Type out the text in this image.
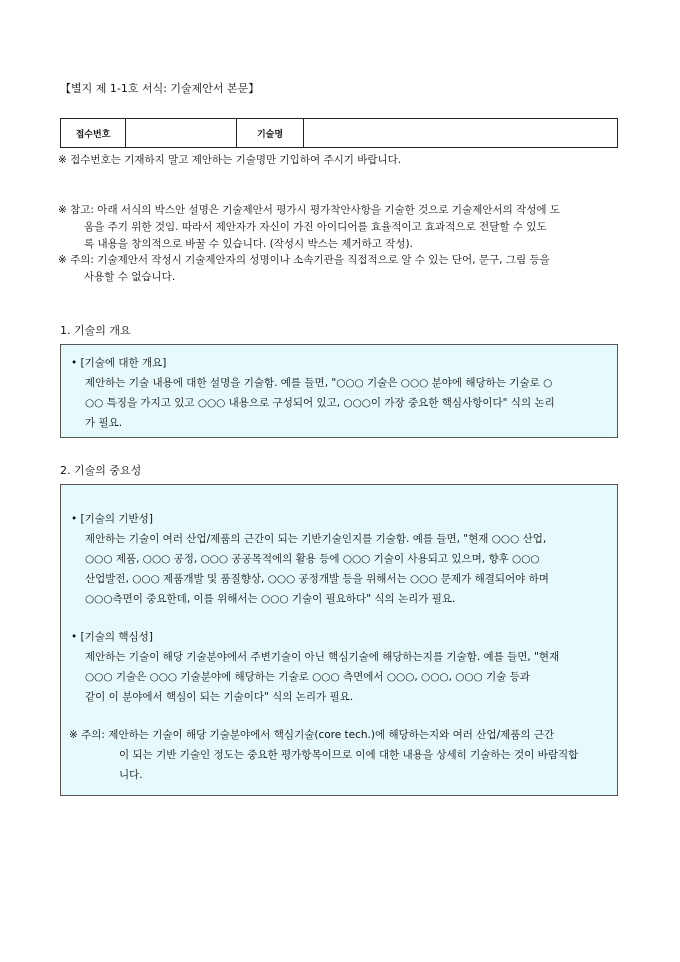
【별지 제 1-1호 서식: 기술제안서 본문】
접수번호		기술명	
※ 접수번호는 기재하지 말고 제안하는 기술명만 기입하여 주시기 바랍니다.
※ 참고: 아래 서식의 박스안 설명은 기술제안서 평가시 평가착안사항을 기술한 것으로 기술제안서의 작성에 도
움을 주기 위한 것임. 따라서 제안자가 자신이 가진 아이디어를 효율적이고 효과적으로 전달할 수 있도
록 내용을 창의적으로 바꿀 수 있습니다. (작성시 박스는 제거하고 작성).
※ 주의: 기술제안서 작성시 기술제안자의 성명이나 소속기관을 직접적으로 알 수 있는 단어, 문구, 그림 등을
사용할 수 없습니다.
1. 기술의 개요
• [기술에 대한 개요]
제안하는 기술 내용에 대한 설명을 기술함. 예를 들면, "○○○ 기술은 ○○○ 분야에 해당하는 기술로 ○
○○ 특징을 가지고 있고 ○○○ 내용으로 구성되어 있고, ○○○이 가장 중요한 핵심사항이다" 식의 논리
가 필요.
2. 기술의 중요성
• [기술의 기반성]
제안하는 기술이 여러 산업/제품의 근간이 되는 기반기술인지를 기술함. 예를 들면, "현재 ○○○ 산업,
○○○ 제품, ○○○ 공정, ○○○ 공공목적에의 활용 등에 ○○○ 기술이 사용되고 있으며, 향후 ○○○
산업발전, ○○○ 제품개발 및 품질향상, ○○○ 공정개발 등을 위해서는 ○○○ 문제가 해결되어야 하며
○○○측면이 중요한데, 이를 위해서는 ○○○ 기술이 필요하다" 식의 논리가 필요.
• [기술의 핵심성]
제안하는 기술이 해당 기술분야에서 주변기술이 아닌 핵심기술에 해당하는지를 기술함. 예를 들면, "현재
○○○ 기술은 ○○○ 기술분야에 해당하는 기술로 ○○○ 측면에서 ○○○, ○○○, ○○○ 기술 등과
같이 이 분야에서 핵심이 되는 기술이다" 식의 논리가 필요.
※ 주의: 제안하는 기술이 해당 기술분야에서 핵심기술(core tech.)에 해당하는지와 여러 산업/제품의 근간
이 되는 기반 기술인 정도는 중요한 평가항목이므로 이에 대한 내용을 상세히 기술하는 것이 바람직합
니다.
